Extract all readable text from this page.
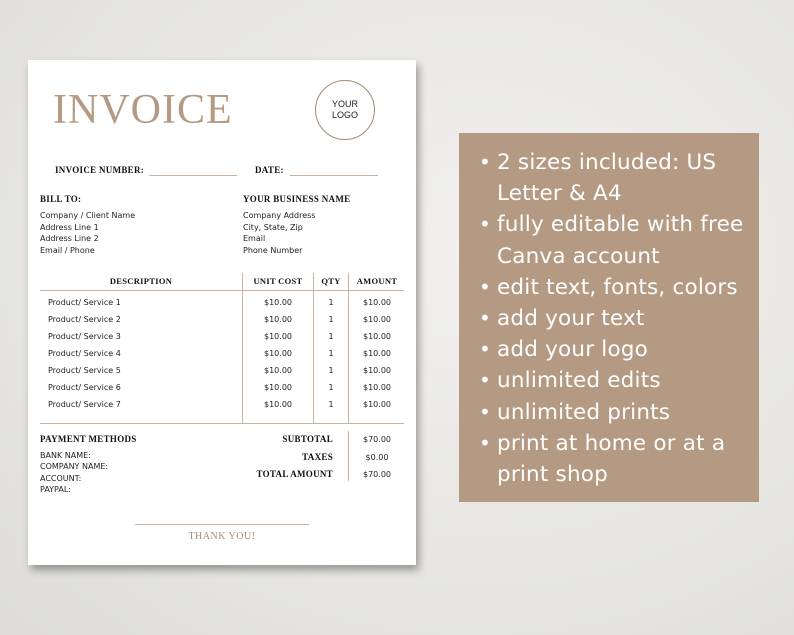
INVOICE	YOUR
LOGO
INVOICE NUMBER:	DATE:
BILL TO:
Company / Client Name
Address Line 1
Address Line 2
Email / Phone
YOUR BUSINESS NAME
Company Address
City, State, Zip
Email
Phone Number
DESCRIPTION	UNIT COST	QTY	AMOUNT
Product/ Service 1	$10.00	1	$10.00
Product/ Service 2	$10.00	1	$10.00
Product/ Service 3	$10.00	1	$10.00
Product/ Service 4	$10.00	1	$10.00
Product/ Service 5	$10.00	1	$10.00
Product/ Service 6	$10.00	1	$10.00
Product/ Service 7	$10.00	1	$10.00
PAYMENT METHODS
BANK NAME:
COMPANY NAME:
ACCOUNT:
PAYPAL:
SUBTOTAL	$70.00
TAXES	$0.00
TOTAL AMOUNT	$70.00
THANK YOU!
• 2 sizes included: US Letter & A4
• fully editable with free Canva account
• edit text, fonts, colors
• add your text
• add your logo
• unlimited edits
• unlimited prints
• print at home or at a print shop
